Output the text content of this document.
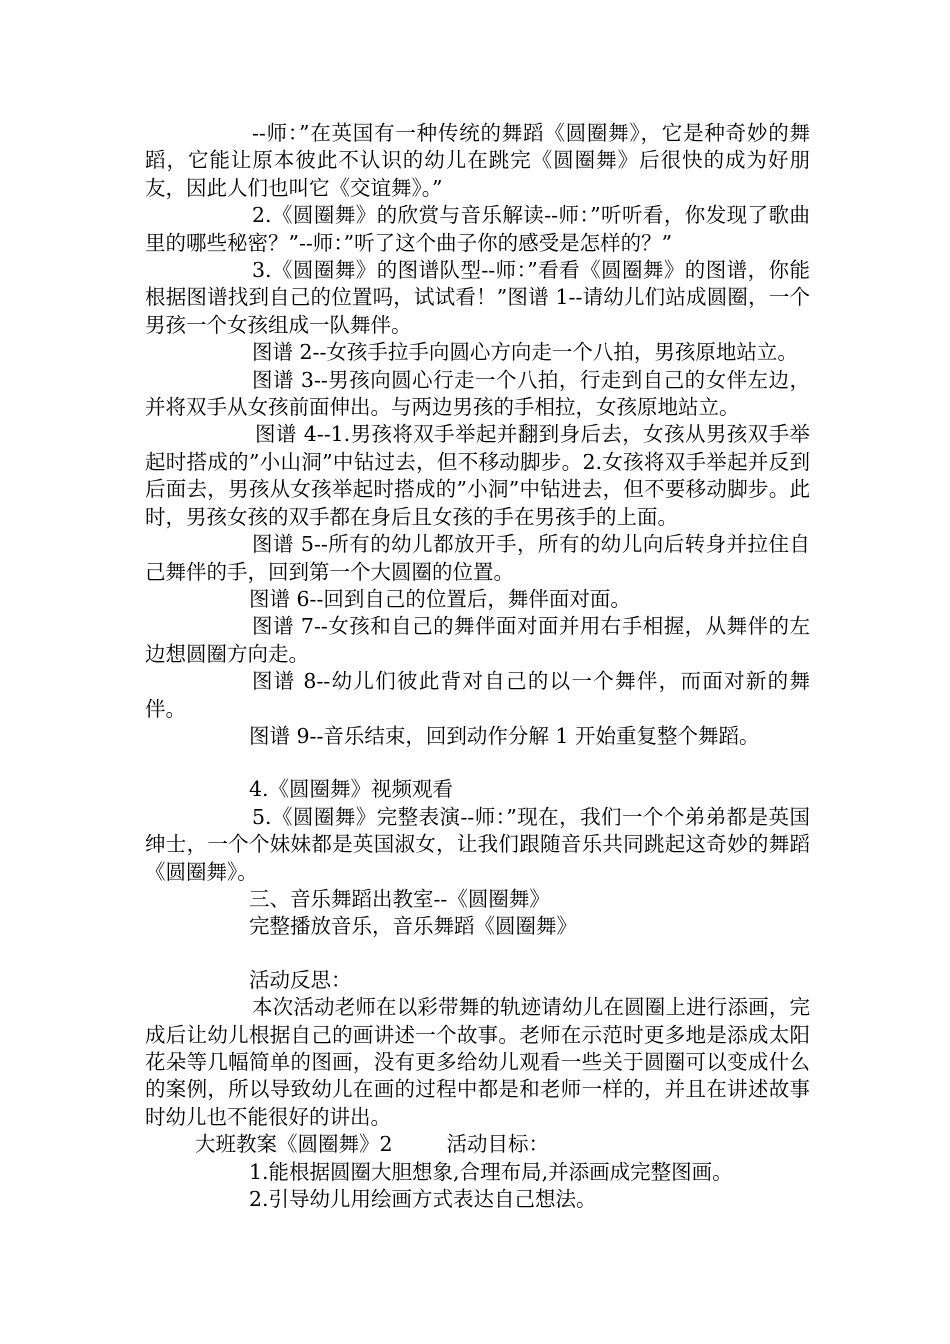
--师：”在英国有一种传统的舞蹈《圆圈舞》，它是种奇妙的舞蹈，它能让原本彼此不认识的幼儿在跳完《圆圈舞》后很快的成为好朋友，因此人们也叫它《交谊舞》。”

2.《圆圈舞》的欣赏与音乐解读--师：”听听看，你发现了歌曲里的哪些秘密？”--师：”听了这个曲子你的感受是怎样的？”

3.《圆圈舞》的图谱队型--师：”看看《圆圈舞》的图谱，你能根据图谱找到自己的位置吗，试试看！”图谱 1--请幼儿们站成圆圈，一个男孩一个女孩组成一队舞伴。

图谱 2--女孩手拉手向圆心方向走一个八拍，男孩原地站立。

图谱 3--男孩向圆心行走一个八拍，行走到自己的女伴左边，并将双手从女孩前面伸出。与两边男孩的手相拉，女孩原地站立。

图谱 4--1.男孩将双手举起并翻到身后去，女孩从男孩双手举起时搭成的”小山洞”中钻过去，但不移动脚步。2.女孩将双手举起并反到后面去，男孩从女孩举起时搭成的”小洞”中钻进去，但不要移动脚步。此时，男孩女孩的双手都在身后且女孩的手在男孩手的上面。

图谱 5--所有的幼儿都放开手，所有的幼儿向后转身并拉住自己舞伴的手，回到第一个大圆圈的位置。

图谱 6--回到自己的位置后，舞伴面对面。

图谱 7--女孩和自己的舞伴面对面并用右手相握，从舞伴的左边想圆圈方向走。

图谱 8--幼儿们彼此背对自己的以一个舞伴，而面对新的舞伴。

图谱 9--音乐结束，回到动作分解 1 开始重复整个舞蹈。

4.《圆圈舞》视频观看

5.《圆圈舞》完整表演--师：”现在，我们一个个弟弟都是英国绅士，一个个妹妹都是英国淑女，让我们跟随音乐共同跳起这奇妙的舞蹈《圆圈舞》。

三、音乐舞蹈出教室--《圆圈舞》

完整播放音乐，音乐舞蹈《圆圈舞》

活动反思：

本次活动老师在以彩带舞的轨迹请幼儿在圆圈上进行添画，完成后让幼儿根据自己的画讲述一个故事。老师在示范时更多地是添成太阳花朵等几幅简单的图画，没有更多给幼儿观看一些关于圆圈可以变成什么的案例，所以导致幼儿在画的过程中都是和老师一样的，并且在讲述故事时幼儿也不能很好的讲出。

大班教案《圆圈舞》2	活动目标：

1.能根据圆圈大胆想象,合理布局,并添画成完整图画。

2.引导幼儿用绘画方式表达自己想法。
